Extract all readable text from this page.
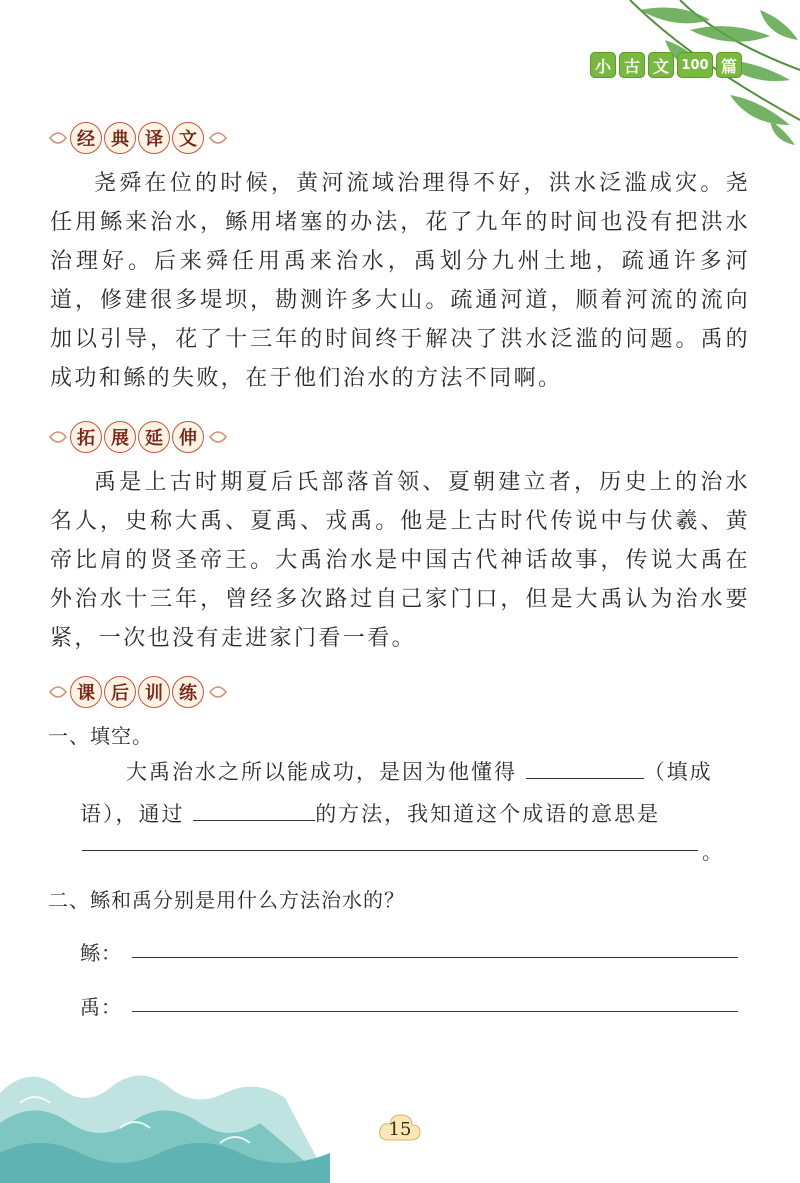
小 古 文 100 篇
经 典 译 文

尧舜在位的时候，黄河流域治理得不好，洪水泛滥成灾。尧任用鲧来治水，鲧用堵塞的办法，花了九年的时间也没有把洪水治理好。后来舜任用禹来治水，禹划分九州土地，疏通许多河道，修建很多堤坝，勘测许多大山。疏通河道，顺着河流的流向加以引导，花了十三年的时间终于解决了洪水泛滥的问题。禹的成功和鲧的失败，在于他们治水的方法不同啊。

拓 展 延 伸

禹是上古时期夏后氏部落首领、夏朝建立者，历史上的治水名人，史称大禹、夏禹、戎禹。他是上古时代传说中与伏羲、黄帝比肩的贤圣帝王。大禹治水是中国古代神话故事，传说大禹在外治水十三年，曾经多次路过自己家门口，但是大禹认为治水要紧，一次也没有走进家门看一看。

课 后 训 练
一、填空。
大禹治水之所以能成功，是因为他懂得	（填成语），通过	的方法，我知道这个成语的意思是
。
二、鲧和禹分别是用什么方法治水的？
鲧：
禹：
15
